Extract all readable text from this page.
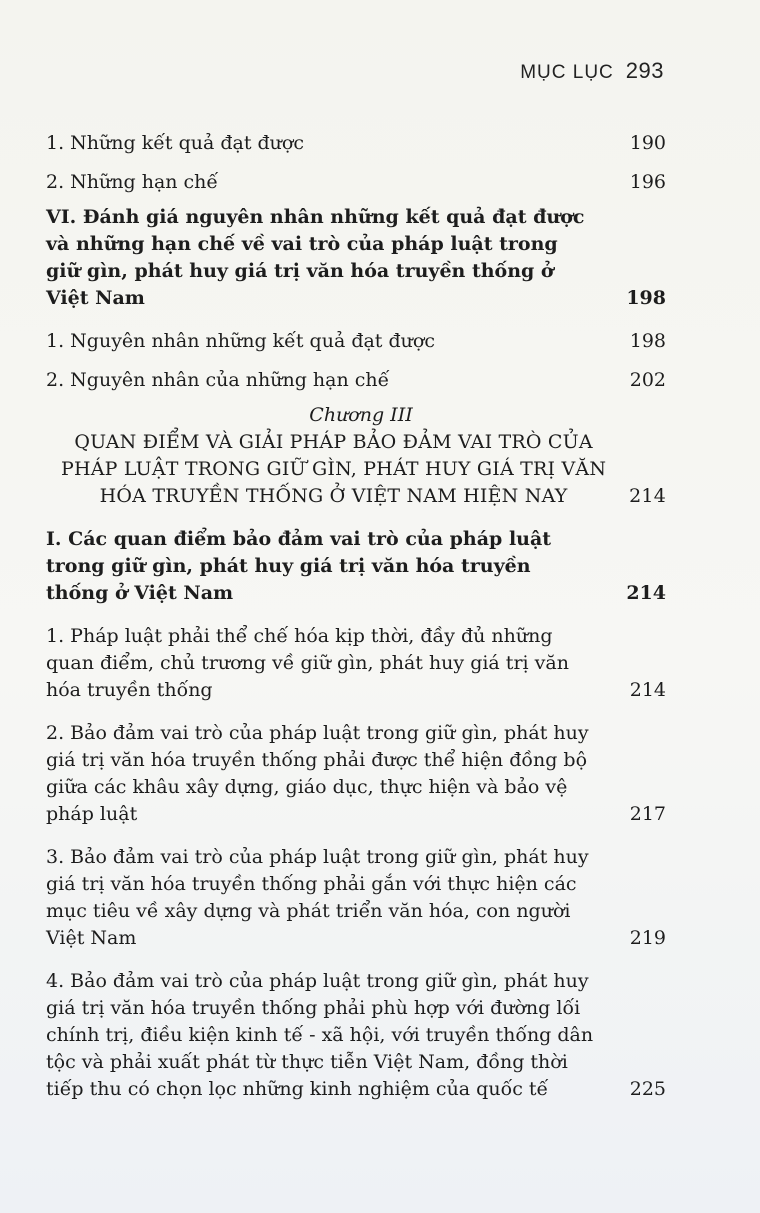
MỤC LỤC 293
1. Những kết quả đạt được	190
2. Những hạn chế	196
VI. Đánh giá nguyên nhân những kết quả đạt được và những hạn chế về vai trò của pháp luật trong giữ gìn, phát huy giá trị văn hóa truyền thống ở Việt Nam	198
1. Nguyên nhân những kết quả đạt được	198
2. Nguyên nhân của những hạn chế	202
Chương III
QUAN ĐIỂM VÀ GIẢI PHÁP BẢO ĐẢM VAI TRÒ CỦA PHÁP LUẬT TRONG GIỮ GÌN, PHÁT HUY GIÁ TRỊ VĂN HÓA TRUYỀN THỐNG Ở VIỆT NAM HIỆN NAY	214
I. Các quan điểm bảo đảm vai trò của pháp luật trong giữ gìn, phát huy giá trị văn hóa truyền thống ở Việt Nam	214
1. Pháp luật phải thể chế hóa kịp thời, đầy đủ những quan điểm, chủ trương về giữ gìn, phát huy giá trị văn hóa truyền thống	214
2. Bảo đảm vai trò của pháp luật trong giữ gìn, phát huy giá trị văn hóa truyền thống phải được thể hiện đồng bộ giữa các khâu xây dựng, giáo dục, thực hiện và bảo vệ pháp luật	217
3. Bảo đảm vai trò của pháp luật trong giữ gìn, phát huy giá trị văn hóa truyền thống phải gắn với thực hiện các mục tiêu về xây dựng và phát triển văn hóa, con người Việt Nam	219
4. Bảo đảm vai trò của pháp luật trong giữ gìn, phát huy giá trị văn hóa truyền thống phải phù hợp với đường lối chính trị, điều kiện kinh tế - xã hội, với truyền thống dân tộc và phải xuất phát từ thực tiễn Việt Nam, đồng thời tiếp thu có chọn lọc những kinh nghiệm của quốc tế	225
